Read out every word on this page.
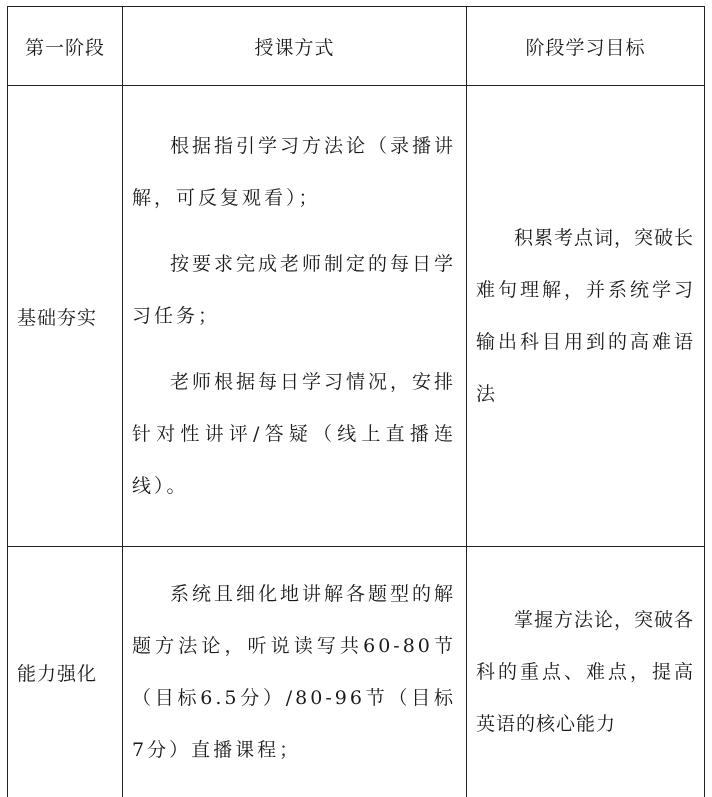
第一阶段	授课方式	阶段学习目标
基础夯实	根据指引学习方法论（录播讲解，可反复观看）；

按要求完成老师制定的每日学习任务；

老师根据每日学习情况，安排针对性讲评/答疑（线上直播连线）。	积累考点词，突破长难句理解，并系统学习输出科目用到的高难语法

能力强化	系统且细化地讲解各题型的解题方法论，听说读写共60-80节（目标6.5分）/80-96节（目标7分）直播课程；	掌握方法论，突破各科的重点、难点，提高英语的核心能力
